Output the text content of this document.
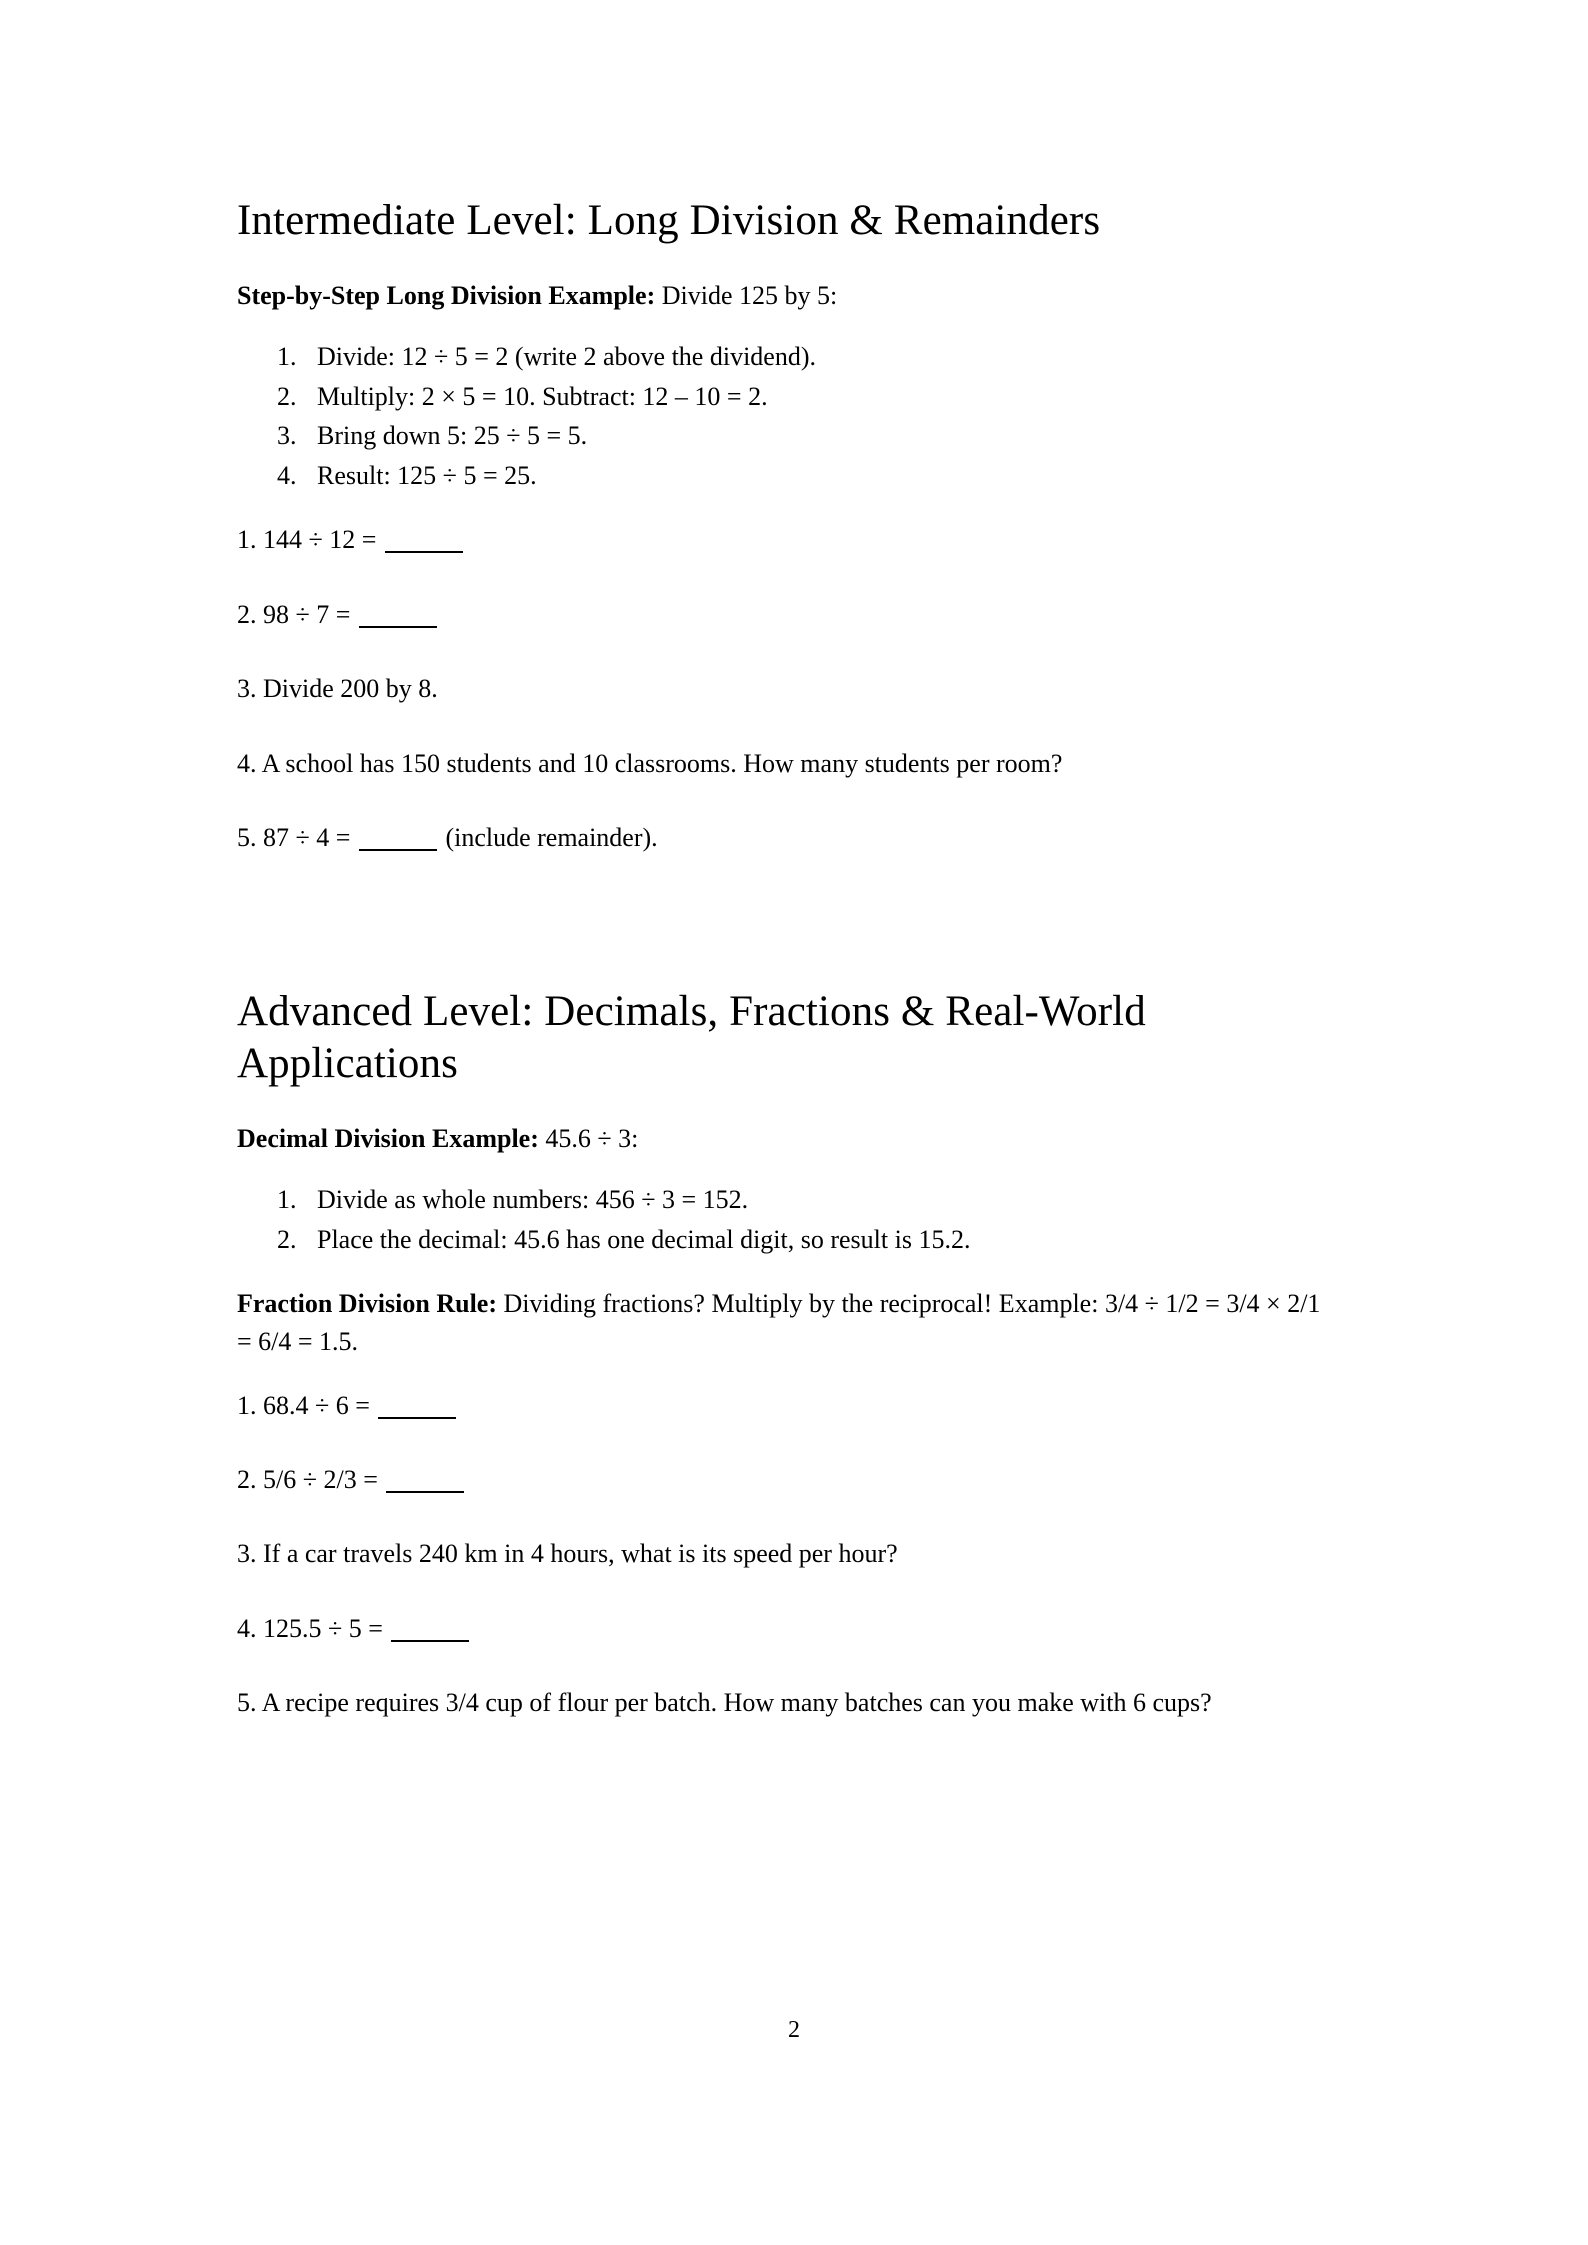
Intermediate Level: Long Division & Remainders

Step-by-Step Long Division Example: Divide 125 by 5:

1. Divide: 12 ÷ 5 = 2 (write 2 above the dividend).
2. Multiply: 2 × 5 = 10. Subtract: 12 – 10 = 2.
3. Bring down 5: 25 ÷ 5 = 5.
4. Result: 125 ÷ 5 = 25.

1. 144 ÷ 12 =

2. 98 ÷ 7 =

3. Divide 200 by 8.

4. A school has 150 students and 10 classrooms. How many students per room?

5. 87 ÷ 4 =	(include remainder).

Advanced Level: Decimals, Fractions & Real-World Applications

Decimal Division Example: 45.6 ÷ 3:

1. Divide as whole numbers: 456 ÷ 3 = 152.
2. Place the decimal: 45.6 has one decimal digit, so result is 15.2.

Fraction Division Rule: Dividing fractions? Multiply by the reciprocal! Example: 3/4 ÷ 1/2 = 3/4 × 2/1 = 6/4 = 1.5.

1. 68.4 ÷ 6 =

2. 5/6 ÷ 2/3 =

3. If a car travels 240 km in 4 hours, what is its speed per hour?

4. 125.5 ÷ 5 =

5. A recipe requires 3/4 cup of flour per batch. How many batches can you make with 6 cups?

2
